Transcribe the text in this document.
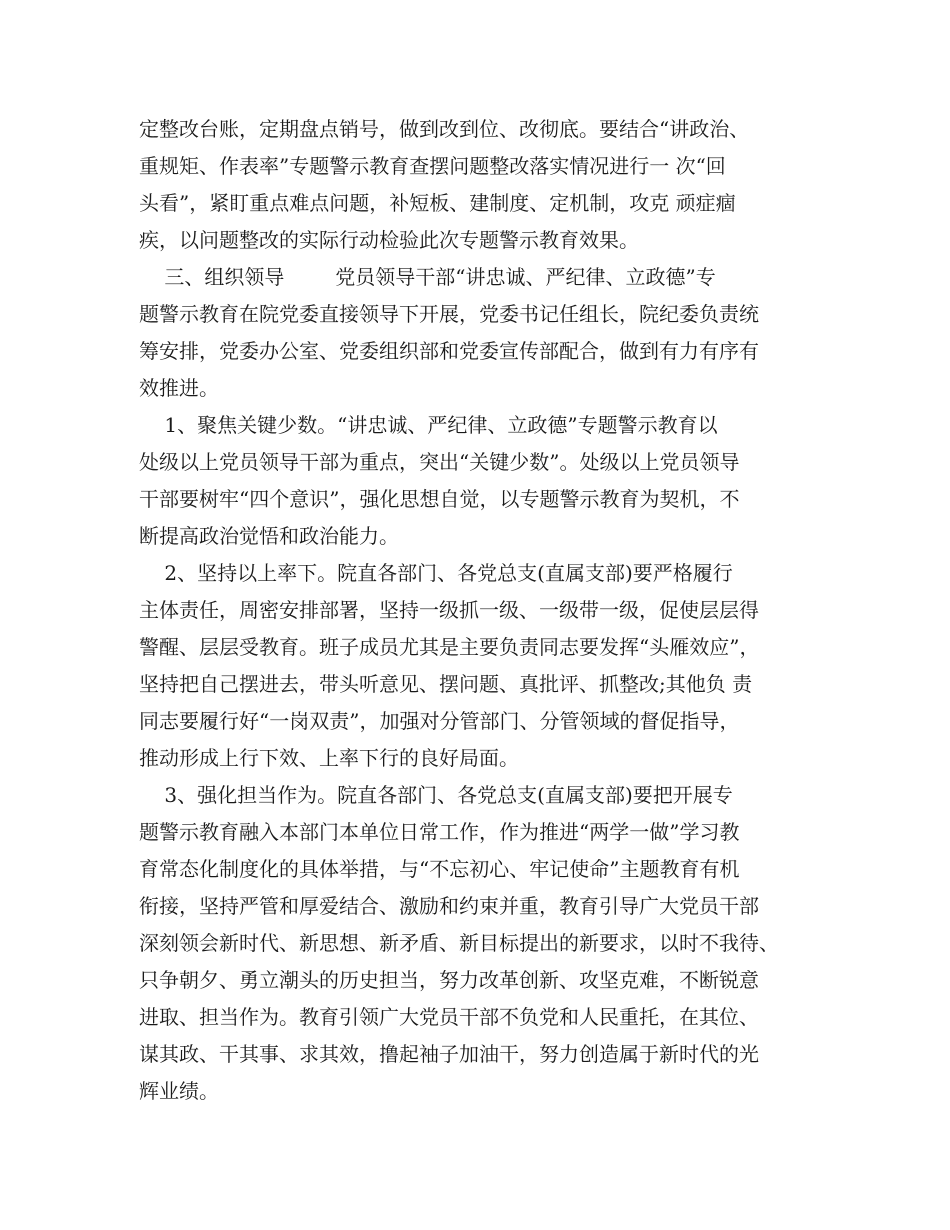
定整改台账，定期盘点销号，做到改到位、改彻底。要结合“讲政治、
重规矩、作表率”专题警示教育查摆问题整改落实情况进行一 次“回
头看”，紧盯重点难点问题，补短板、建制度、定机制，攻克 顽症痼
疾，以问题整改的实际行动检验此次专题警示教育效果。
三、组织领导        党员领导干部“讲忠诚、严纪律、立政德”专
题警示教育在院党委直接领导下开展，党委书记任组长，院纪委负责统
筹安排，党委办公室、党委组织部和党委宣传部配合，做到有力有序有
效推进。
1、聚焦关键少数。“讲忠诚、严纪律、立政德”专题警示教育以
处级以上党员领导干部为重点，突出“关键少数”。处级以上党员领导
干部要树牢“四个意识”，强化思想自觉，以专题警示教育为契机，不
断提高政治觉悟和政治能力。
2、坚持以上率下。院直各部门、各党总支(直属支部)要严格履行
主体责任，周密安排部署，坚持一级抓一级、一级带一级，促使层层得
警醒、层层受教育。班子成员尤其是主要负责同志要发挥“头雁效应”，
坚持把自己摆进去，带头听意见、摆问题、真批评、抓整改;其他负 责
同志要履行好“一岗双责”，加强对分管部门、分管领域的督促指导，
推动形成上行下效、上率下行的良好局面。
3、强化担当作为。院直各部门、各党总支(直属支部)要把开展专
题警示教育融入本部门本单位日常工作，作为推进“两学一做”学习教
育常态化制度化的具体举措，与“不忘初心、牢记使命”主题教育有机
衔接，坚持严管和厚爱结合、激励和约束并重，教育引导广大党员干部
深刻领会新时代、新思想、新矛盾、新目标提出的新要求，以时不我待、
只争朝夕、勇立潮头的历史担当，努力改革创新、攻坚克难，不断锐意
进取、担当作为。教育引领广大党员干部不负党和人民重托，在其位、
谋其政、干其事、求其效，撸起袖子加油干，努力创造属于新时代的光
辉业绩。
